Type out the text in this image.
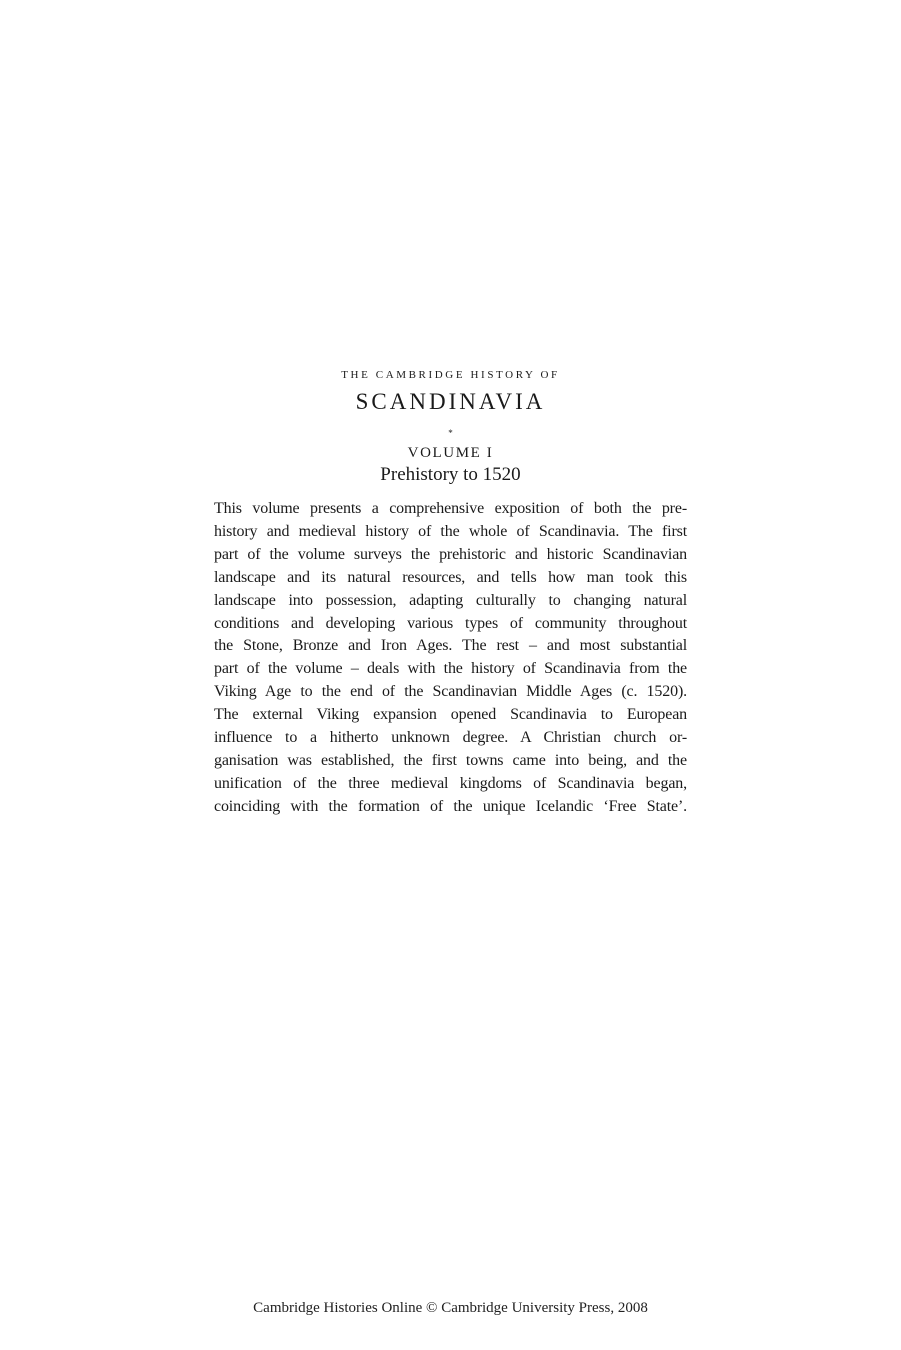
THE CAMBRIDGE HISTORY OF
SCANDINAVIA
*
VOLUME I
Prehistory to 1520

This volume presents a comprehensive exposition of both the pre-
history and medieval history of the whole of Scandinavia. The first
part of the volume surveys the prehistoric and historic Scandinavian
landscape and its natural resources, and tells how man took this
landscape into possession, adapting culturally to changing natural
conditions and developing various types of community throughout
the Stone, Bronze and Iron Ages. The rest – and most substantial
part of the volume – deals with the history of Scandinavia from the
Viking Age to the end of the Scandinavian Middle Ages (c. 1520).
The external Viking expansion opened Scandinavia to European
influence to a hitherto unknown degree. A Christian church or-
ganisation was established, the first towns came into being, and the
unification of the three medieval kingdoms of Scandinavia began,
coinciding with the formation of the unique Icelandic ‘Free State’.

Cambridge Histories Online © Cambridge University Press, 2008
